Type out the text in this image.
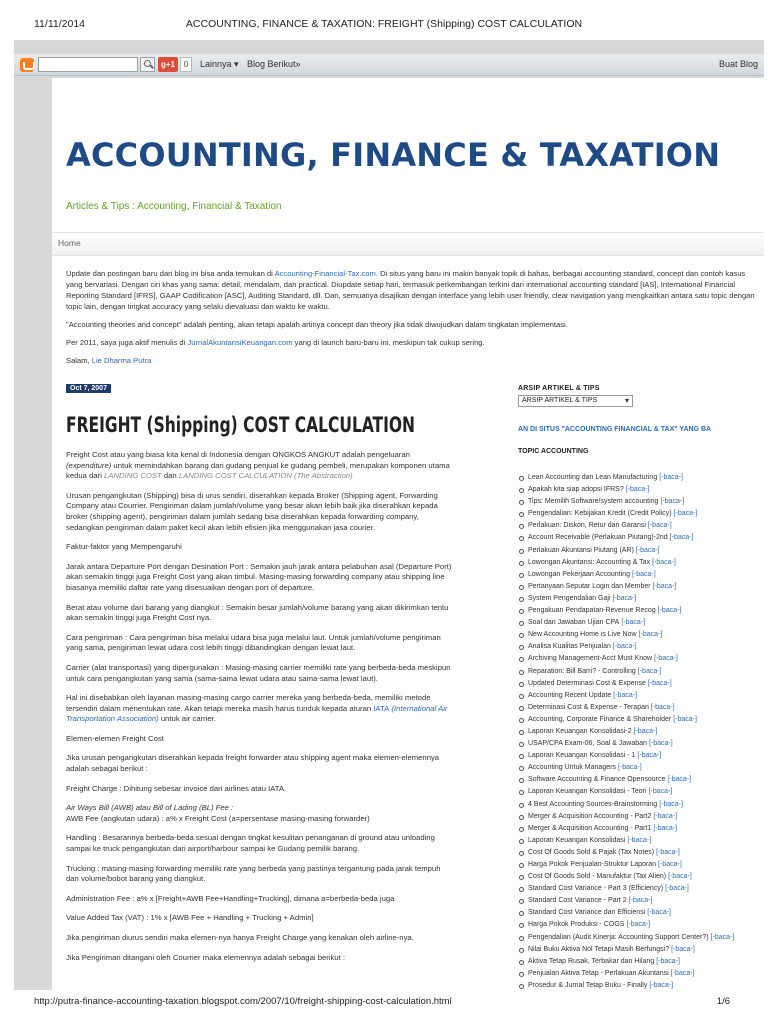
11/11/2014	ACCOUNTING, FINANCE & TAXATION: FREIGHT (Shipping) COST CALCULATION
g+1	0	Lainnya ▾ Blog Berikut»	Buat Blog
ACCOUNTING, FINANCE & TAXATION
Articles & Tips : Accounting, Financial & Taxation
Home

Update dan postingan baru dari blog ini bisa anda temukan di Accounting-Financial-Tax.com. Di situs yang baru ini makin banyak topik di bahas, berbagai accounting standard, concept dan contoh kasus yang bervariasi. Dengan ciri khas yang sama: detail, mendalam, dan practical. Diupdate setiap hari, termasuk perkembangan terkini dari international accounting standard [IAS], International Financial Reporting Standard [IFRS], GAAP Codification [ASC], Auditing Standard, dll. Dan, semuanya disajikan dengan interface yang lebih user friendly, clear navigation yang mengkaitkan antara satu topic dengan topic lain, dengan tingkat accuracy yang selalu dievaluasi dari waktu ke waktu.

"Accounting theories and concept" adalah penting, akan tetapi apalah artinya concept dan theory jika tidak diwujudkan dalam tingkatan implementasi.

Per 2011, saya juga aktif menulis di JurnalAkuntansiKeuangan.com yang di launch baru-baru ini, meskipun tak cukup sering.

Salam, Lie Dharma Putra

Oct 7, 2007
FREIGHT (Shipping) COST CALCULATION

Freight Cost atau yang biasa kita kenal di Indonesia dengan ONGKOS ANGKUT adalah pengeluaran (expenditure) untuk memindahkan barang dari gudang penjual ke gudang pembeli, merupakan komponen utama kedua dari LANDING COST dan LANDING COST CALCULATION (The Abstraction)

Urusan pengangkutan (Shipping) bisa di urus sendiri, diserahkan kepada Broker (Shipping agent, Forwarding Company atau Courrier. Pengiriman dalam jumlah/volume yang besar akan lebih baik jika diserahkan kepada broker (shipping agent), pengiriman dalam jumlah sedang bisa diserahkan kepada forwarding company, sedangkan pengiriman dalam paket kecil akan lebih efisien jika menggunakan jasa courier.

Faktur-faktor yang Mempengaruhi

Jarak antara Departure Port dengan Desination Port : Semakin jauh jarak antara pelabuhan asal (Departure Port) akan semakin tinggi juga Freight Cost yang akan timbul. Masing-masing forwarding company atau shipping line biasanya memiliki daftar rate yang disesuaikan dengan port of departure.

Berat atau volume dari barang yang diangkut : Semakin besar jumlah/volume barang yang akan dikirimkan tentu akan semakin tinggi juga Freight Cost nya.

Cara pengiriman : Cara pengiriman bisa melalui udara bisa juga melalui laut. Untuk jumlah/volume pengiriman yang sama, pengiriman lewat udara cost lebih tinggi dibandingkan dengan lewat laut.

Carrier (alat transportasi) yang dipergunakan : Masing-masing carrier memiliki rate yang berbeda-beda meskipun untuk cara pengangkutan yang sama (sama-sama lewat udara atau sama-sama lewat laut).

Hal ini disebabkan oleh layanan masing-masing cargo carrier mereka yang berbeda-beda, memiliki metode tersendiri dalam menentukan rate. Akan tetapi mereka masih harus tunduk kepada aturan IATA (International Air Transportation Association) untuk air carrier.

Elemen-elemen Freight Cost

Jika urusan pengangkutan diserahkan kepada freight forwarder atau shipping agent maka elemen-elemennya adalah sebagai berikut :

Freight Charge : Dihitung sebesar invoice dari airlines atau IATA.

Air Ways Bill (AWB) atau Bill of Lading (BL) Fee :
AWB Fee (angkutan udara) : a% x Freight Cost (a=persentase masing-masing forwarder)

Handling : Besarannya berbeda-beda sesuai dengan tingkat kesulitan penanganan di ground atau unloading sampai ke truck pengangkutan dari airport/harbour sampai ke Gudang pemilik barang.

Trucking : masing-masing forwarding memiliki rate yang berbeda yang pastinya tergantung pada jarak tempuh dan volume/bobot barang yang diangkut.

Administration Fee : a% x [Freight+AWB Fee+Handling+Trucking], dimana a=berbeda-beda juga

Value Added Tax (VAT) : 1% x [AWB Fee + Handling + Trucking + Admin]

Jika pengiriman diurus sendiri maka elemen-nya hanya Freight Charge yang kenakan oleh airline-nya.

Jika Pengiriman ditangani oleh Courrier maka elemennya adalah sebagai berikut :

ARSIP ARTIKEL & TIPS
ARSIP ARTIKEL & TIPS ▾
AN DI SITUS "ACCOUNTING FINANCIAL & TAX" YANG BA
TOPIC ACCOUNTING
Lean Accounting dan Lean Manufacturing [-baca-]
Apakah kita siap adopsi IFRS? [-baca-]
Tips: Memilih Software/system accounting [-baca-]
Pengendalian: Kebijakan Kredit (Credit Policy) [-baca-]
Perlakuan: Diskon, Retur dan Garansi [-baca-]
Account Receivable (Perlakuan Piutang)-2nd [-baca-]
Perlakuan Akuntansi Piutang (AR) [-baca-]
Lowongan Akuntansi: Accounting & Tax [-baca-]
Lowongan Pekerjaan Accounting [-baca-]
Pertanyaan Seputar Login dan Member [-baca-]
System Pengendalian Gaji [-baca-]
Pengakuan Pendapatan-Revenue Recog [-baca-]
Soal dan Jawaban Ujian CPA [-baca-]
New Accounting Home is Live Now [-baca-]
Analisa Kualitas Penjualan [-baca-]
Archiving Management-Acct Must Know [-baca-]
Reparation: Bill Barri? - Controlling [-baca-]
Updated Determinasi Cost & Expense [-baca-]
Accounting Recent Update [-baca-]
Determinasi Cost & Expense - Terapan [-baca-]
Accounting, Corporate Finance & Shareholder [-baca-]
Laporan Keuangan Konsolidasi-2 [-baca-]
USAP/CPA Exam-06, Soal & Jawaban [-baca-]
Laporan Keuangan Konsolidasi - 1 [-baca-]
Accounting Untuk Managers [-baca-]
Software Accounting & Finance Opensource [-baca-]
Laporan Keuangan Konsolidasi - Teori [-baca-]
4 Best Accounting Sources-Brainstorming [-baca-]
Merger & Acquisition Accounting - Part2 [-baca-]
Merger & Acquisition Accounting - Part1 [-baca-]
Laporan Keuangan Konsolidasi [-baca-]
Cost Of Goods Sold & Pajak (Tax Notes) [-baca-]
Harga Pokok Penjualan-Struktur Laporan [-baca-]
Cost Of Goods Sold - Manufaktur (Tax Alien) [-baca-]
Standard Cost Variance - Part 3 (Efficiency) [-baca-]
Standard Cost Variance - Part 2 [-baca-]
Standard Cost Variance dan Efficiensi [-baca-]
Harga Pokok Produksi - COGS [-baca-]
Pengendalian (Audit Kinerja: Accounting Support Center?) [-baca-]
Nilai Buku Aktiva Nol Tetapi Masih Berfungsi? [-baca-]
Aktiva Tetap Rusak, Terbakar dan Hilang [-baca-]
Penjualan Aktiva Tetap - Perlakuan Akuntansi [-baca-]
Prosedur & Jurnal Tetap Buku - Finally [-baca-]
http://putra-finance-accounting-taxation.blogspot.com/2007/10/freight-shipping-cost-calculation.html	1/6
